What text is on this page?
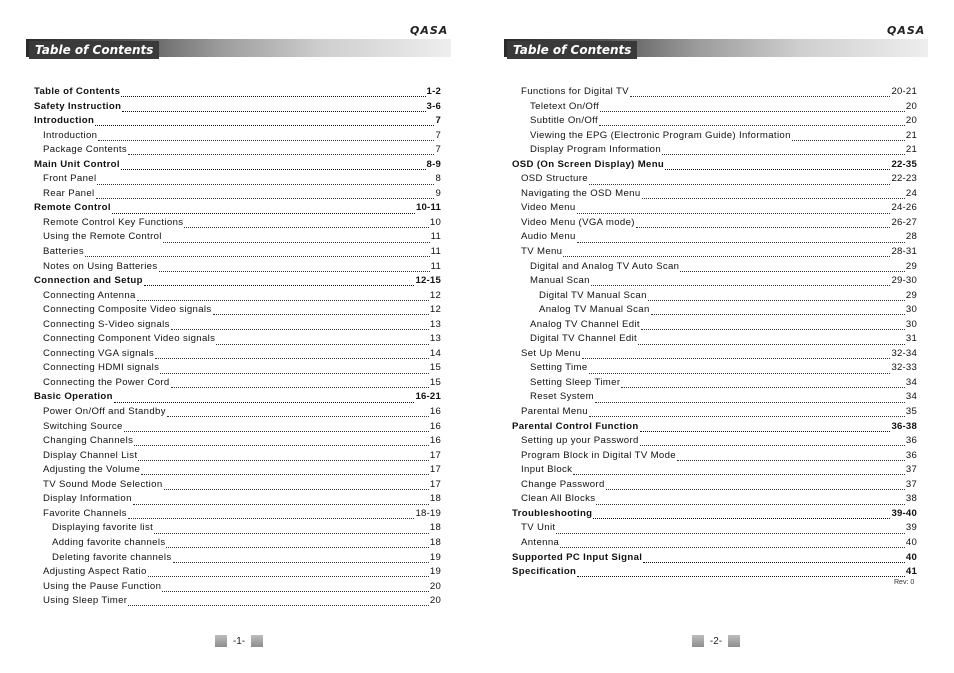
QASA
Table of Contents
Table of Contents	1-2
Safety Instruction	3-6
Introduction	7
Introduction	7
Package Contents	7
Main Unit Control	8-9
Front Panel	8
Rear Panel	9
Remote Control	10-11
Remote Control Key Functions	10
Using the Remote Control	11
Batteries	11
Notes on Using Batteries	11
Connection and Setup	12-15
Connecting Antenna	12
Connecting Composite Video signals	12
Connecting S-Video signals	13
Connecting Component Video signals	13
Connecting VGA signals	14
Connecting HDMI signals	15
Connecting the Power Cord	15
Basic Operation	16-21
Power On/Off and Standby	16
Switching Source	16
Changing Channels	16
Display Channel List	17
Adjusting the Volume	17
TV Sound Mode Selection	17
Display Information	18
Favorite Channels	18-19
Displaying favorite list	18
Adding favorite channels	18
Deleting favorite channels	19
Adjusting Aspect Ratio	19
Using the Pause Function	20
Using Sleep Timer	20
-1-
QASA
Table of Contents
Functions for Digital TV	20-21
Teletext On/Off	20
Subtitle On/Off	20
Viewing the EPG (Electronic Program Guide) Information	21
Display Program Information	21
OSD (On Screen Display) Menu	22-35
OSD Structure	22-23
Navigating the OSD Menu	24
Video Menu	24-26
Video Menu (VGA mode)	26-27
Audio Menu	28
TV Menu	28-31
Digital and Analog TV Auto Scan	29
Manual Scan	29-30
Digital TV Manual Scan	29
Analog TV Manual Scan	30
Analog TV Channel Edit	30
Digital TV Channel Edit	31
Set Up Menu	32-34
Setting Time	32-33
Setting Sleep Timer	34
Reset System	34
Parental Menu	35
Parental Control Function	36-38
Setting up your Password	36
Program Block in Digital TV Mode	36
Input Block	37
Change Password	37
Clean All Blocks	38
Troubleshooting	39-40
TV Unit	39
Antenna	40
Supported PC Input Signal	40
Specification	41
Rev: 0
-2-
